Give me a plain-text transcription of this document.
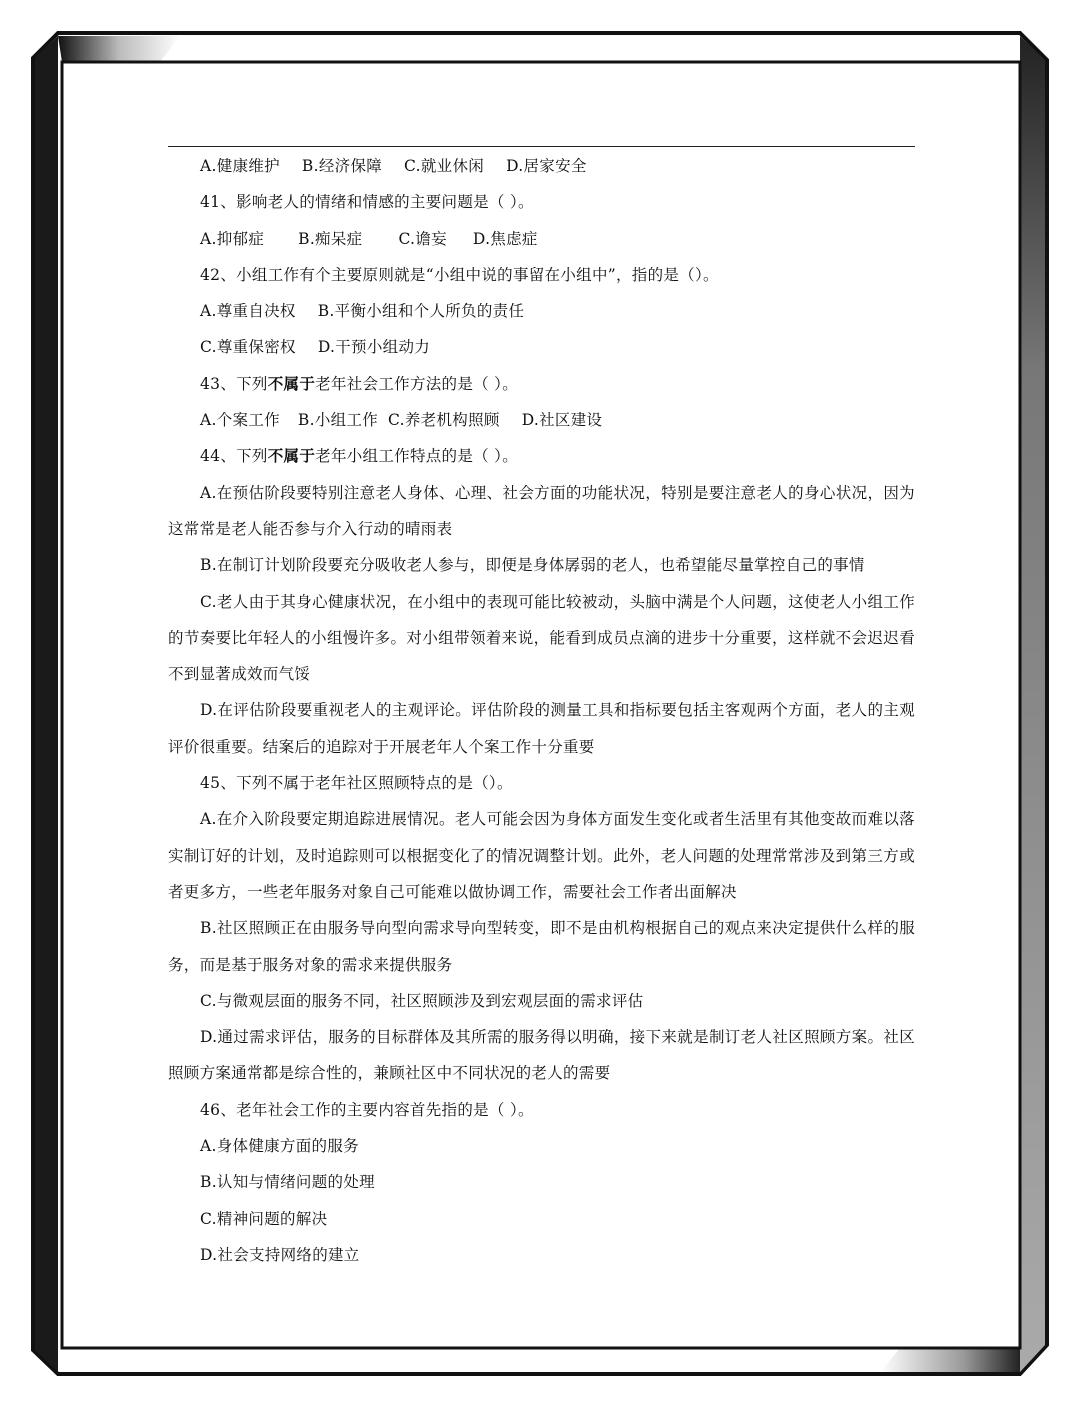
A.健康维护 B.经济保障 C.就业休闲 D.居家安全

41、影响老人的情绪和情感的主要问题是（ ）。

A.抑郁症 B.痴呆症 C.谵妄 D.焦虑症

42、小组工作有个主要原则就是“小组中说的事留在小组中”，指的是（）。

A.尊重自决权 B.平衡小组和个人所负的责任

C.尊重保密权 D.干预小组动力

43、下列不属于老年社会工作方法的是（ ）。

A.个案工作 B.小组工作 C.养老机构照顾 D.社区建设

44、下列不属于老年小组工作特点的是（ ）。

A.在预估阶段要特别注意老人身体、心理、社会方面的功能状况，特别是要注意老人的身心状况，因为这常常是老人能否参与介入行动的晴雨表

B.在制订计划阶段要充分吸收老人参与，即便是身体孱弱的老人，也希望能尽量掌控自己的事情

C.老人由于其身心健康状况，在小组中的表现可能比较被动，头脑中满是个人问题，这使老人小组工作的节奏要比年轻人的小组慢许多。对小组带领着来说，能看到成员点滴的进步十分重要，这样就不会迟迟看不到显著成效而气馁

D.在评估阶段要重视老人的主观评论。评估阶段的测量工具和指标要包括主客观两个方面，老人的主观评价很重要。结案后的追踪对于开展老年人个案工作十分重要

45、下列不属于老年社区照顾特点的是（）。

A.在介入阶段要定期追踪进展情况。老人可能会因为身体方面发生变化或者生活里有其他变故而难以落实制订好的计划，及时追踪则可以根据变化了的情况调整计划。此外，老人问题的处理常常涉及到第三方或者更多方，一些老年服务对象自己可能难以做协调工作，需要社会工作者出面解决

B.社区照顾正在由服务导向型向需求导向型转变，即不是由机构根据自己的观点来决定提供什么样的服务，而是基于服务对象的需求来提供服务

C.与微观层面的服务不同，社区照顾涉及到宏观层面的需求评估

D.通过需求评估，服务的目标群体及其所需的服务得以明确，接下来就是制订老人社区照顾方案。社区照顾方案通常都是综合性的，兼顾社区中不同状况的老人的需要

46、老年社会工作的主要内容首先指的是（ ）。

A.身体健康方面的服务

B.认知与情绪问题的处理

C.精神问题的解决

D.社会支持网络的建立
